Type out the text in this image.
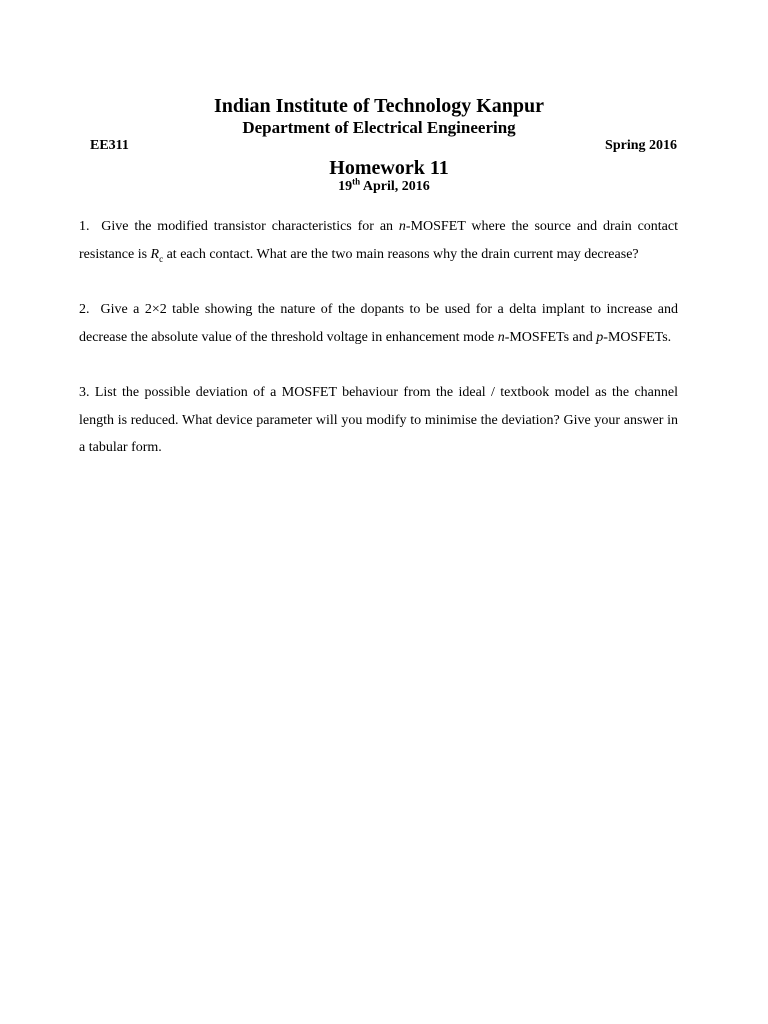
Indian Institute of Technology Kanpur
Department of Electrical Engineering
EE311	Spring 2016
Homework 11
19th April, 2016

1. Give the modified transistor characteristics for an n-MOSFET where the source and drain contact resistance is $R_c$ at each contact. What are the two main reasons why the drain current may decrease?

2. Give a 2×2 table showing the nature of the dopants to be used for a delta implant to increase and decrease the absolute value of the threshold voltage in enhancement mode n-MOSFETs and p-MOSFETs.

3. List the possible deviation of a MOSFET behaviour from the ideal / textbook model as the channel length is reduced. What device parameter will you modify to minimise the deviation? Give your answer in a tabular form.
